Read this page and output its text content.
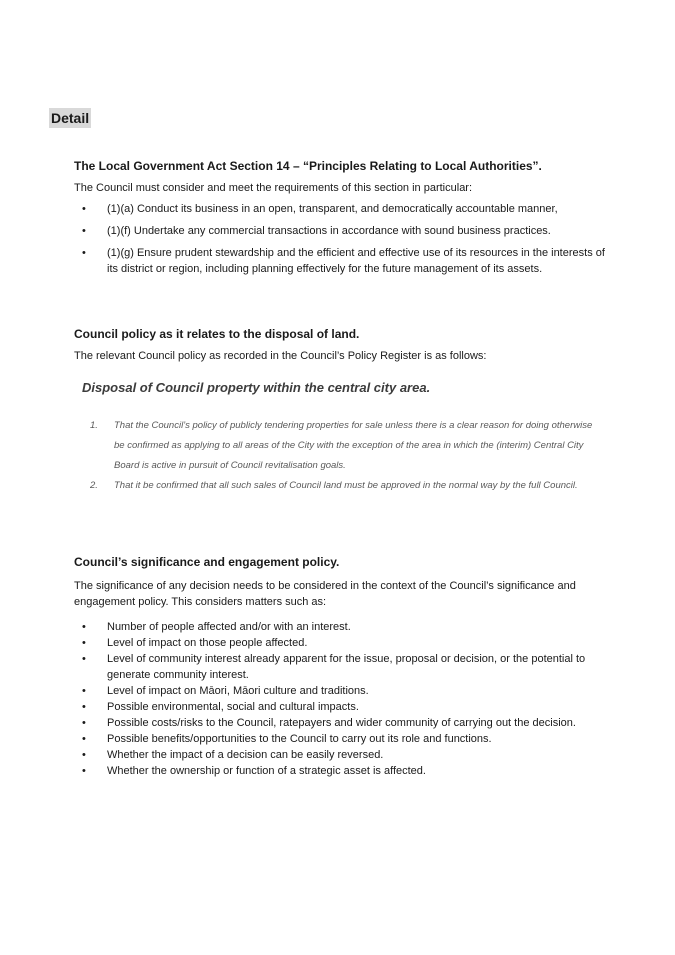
Detail

The Local Government Act Section 14 – “Principles Relating to Local Authorities”.

The Council must consider and meet the requirements of this section in particular:

• (1)(a) Conduct its business in an open, transparent, and democratically accountable manner,
• (1)(f) Undertake any commercial transactions in accordance with sound business practices.
• (1)(g) Ensure prudent stewardship and the efficient and effective use of its resources in the interests of its district or region, including planning effectively for the future management of its assets.

Council policy as it relates to the disposal of land.

The relevant Council policy as recorded in the Council’s Policy Register is as follows:

Disposal of Council property within the central city area.
1. That the Council’s policy of publicly tendering properties for sale unless there is a clear reason for doing otherwise be confirmed as applying to all areas of the City with the exception of the area in which the (interim) Central City Board is active in pursuit of Council revitalisation goals.
2. That it be confirmed that all such sales of Council land must be approved in the normal way by the full Council.

Council’s significance and engagement policy.

The significance of any decision needs to be considered in the context of the Council’s significance and engagement policy. This considers matters such as:

• Number of people affected and/or with an interest.
• Level of impact on those people affected.
• Level of community interest already apparent for the issue, proposal or decision, or the potential to generate community interest.
• Level of impact on Māori, Māori culture and traditions.
• Possible environmental, social and cultural impacts.
• Possible costs/risks to the Council, ratepayers and wider community of carrying out the decision.
• Possible benefits/opportunities to the Council to carry out its role and functions.
• Whether the impact of a decision can be easily reversed.
• Whether the ownership or function of a strategic asset is affected.
